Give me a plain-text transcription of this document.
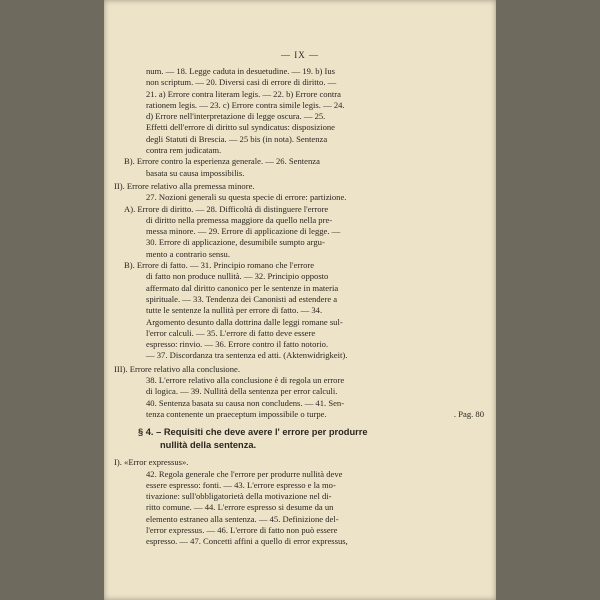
— IX —
num. — 18. Legge caduta in desuetudine. — 19. b) Ius
non scriptum. — 20. Diversi casi di errore di diritto. —
21. a) Errore contra literam legis. — 22. b) Errore contra
rationem legis. — 23. c) Errore contra simile legis. — 24.
d) Errore nell'interpretazione di legge oscura. — 25.
Effetti dell'errore di diritto sul syndicatus: disposizione
degli Statuti di Brescia. — 25 bis (in nota). Sentenza
contra rem judicatam.
B). Errore contro la esperienza generale. — 26. Sentenza
basata su causa impossibilis.
II). Errore relativo alla premessa minore.
27. Nozioni generali su questa specie di errore: partizione.
A). Errore di diritto. — 28. Difficoltà di distinguere l'errore
di diritto nella premessa maggiore da quello nella pre-
messa minore. — 29. Errore di applicazione di legge. —
30. Errore di applicazione, desumibile sumpto argu-
mento a contrario sensu.
B). Errore di fatto. — 31. Principio romano che l'errore
di fatto non produce nullità. — 32. Principio opposto
affermato dal diritto canonico per le sentenze in materia
spirituale. — 33. Tendenza dei Canonisti ad estendere a
tutte le sentenze la nullità per errore di fatto. — 34.
Argomento desunto dalla dottrina dalle leggi romane sul-
l'error calculi. — 35. L'errore di fatto deve essere
espresso: rinvio. — 36. Errore contro il fatto notorio.
— 37. Discordanza tra sentenza ed atti. (Aktenwidrigkeit).
III). Errore relativo alla conclusione.
38. L'errore relativo alla conclusione è di regola un errore
di logica. — 39. Nullità della sentenza per error calculi.
40. Sentenza basata su causa non concludens. — 41. Sen-
tenza contenente un praeceptum impossibile o turpe.	. Pag. 80
§ 4. – Requisiti che deve avere l' errore per produrre
nullità della sentenza.
I). «Error expressus».
42. Regola generale che l'errore per produrre nullità deve
essere espresso: fonti. — 43. L'errore espresso e la mo-
tivazione: sull'obbligatorietà della motivazione nel di-
ritto comune. — 44. L'errore espresso si desume da un
elemento estraneo alla sentenza. — 45. Definizione del-
l'error expressus. — 46. L'errore di fatto non può essere
espresso. — 47. Concetti affini a quello di error expressus,
